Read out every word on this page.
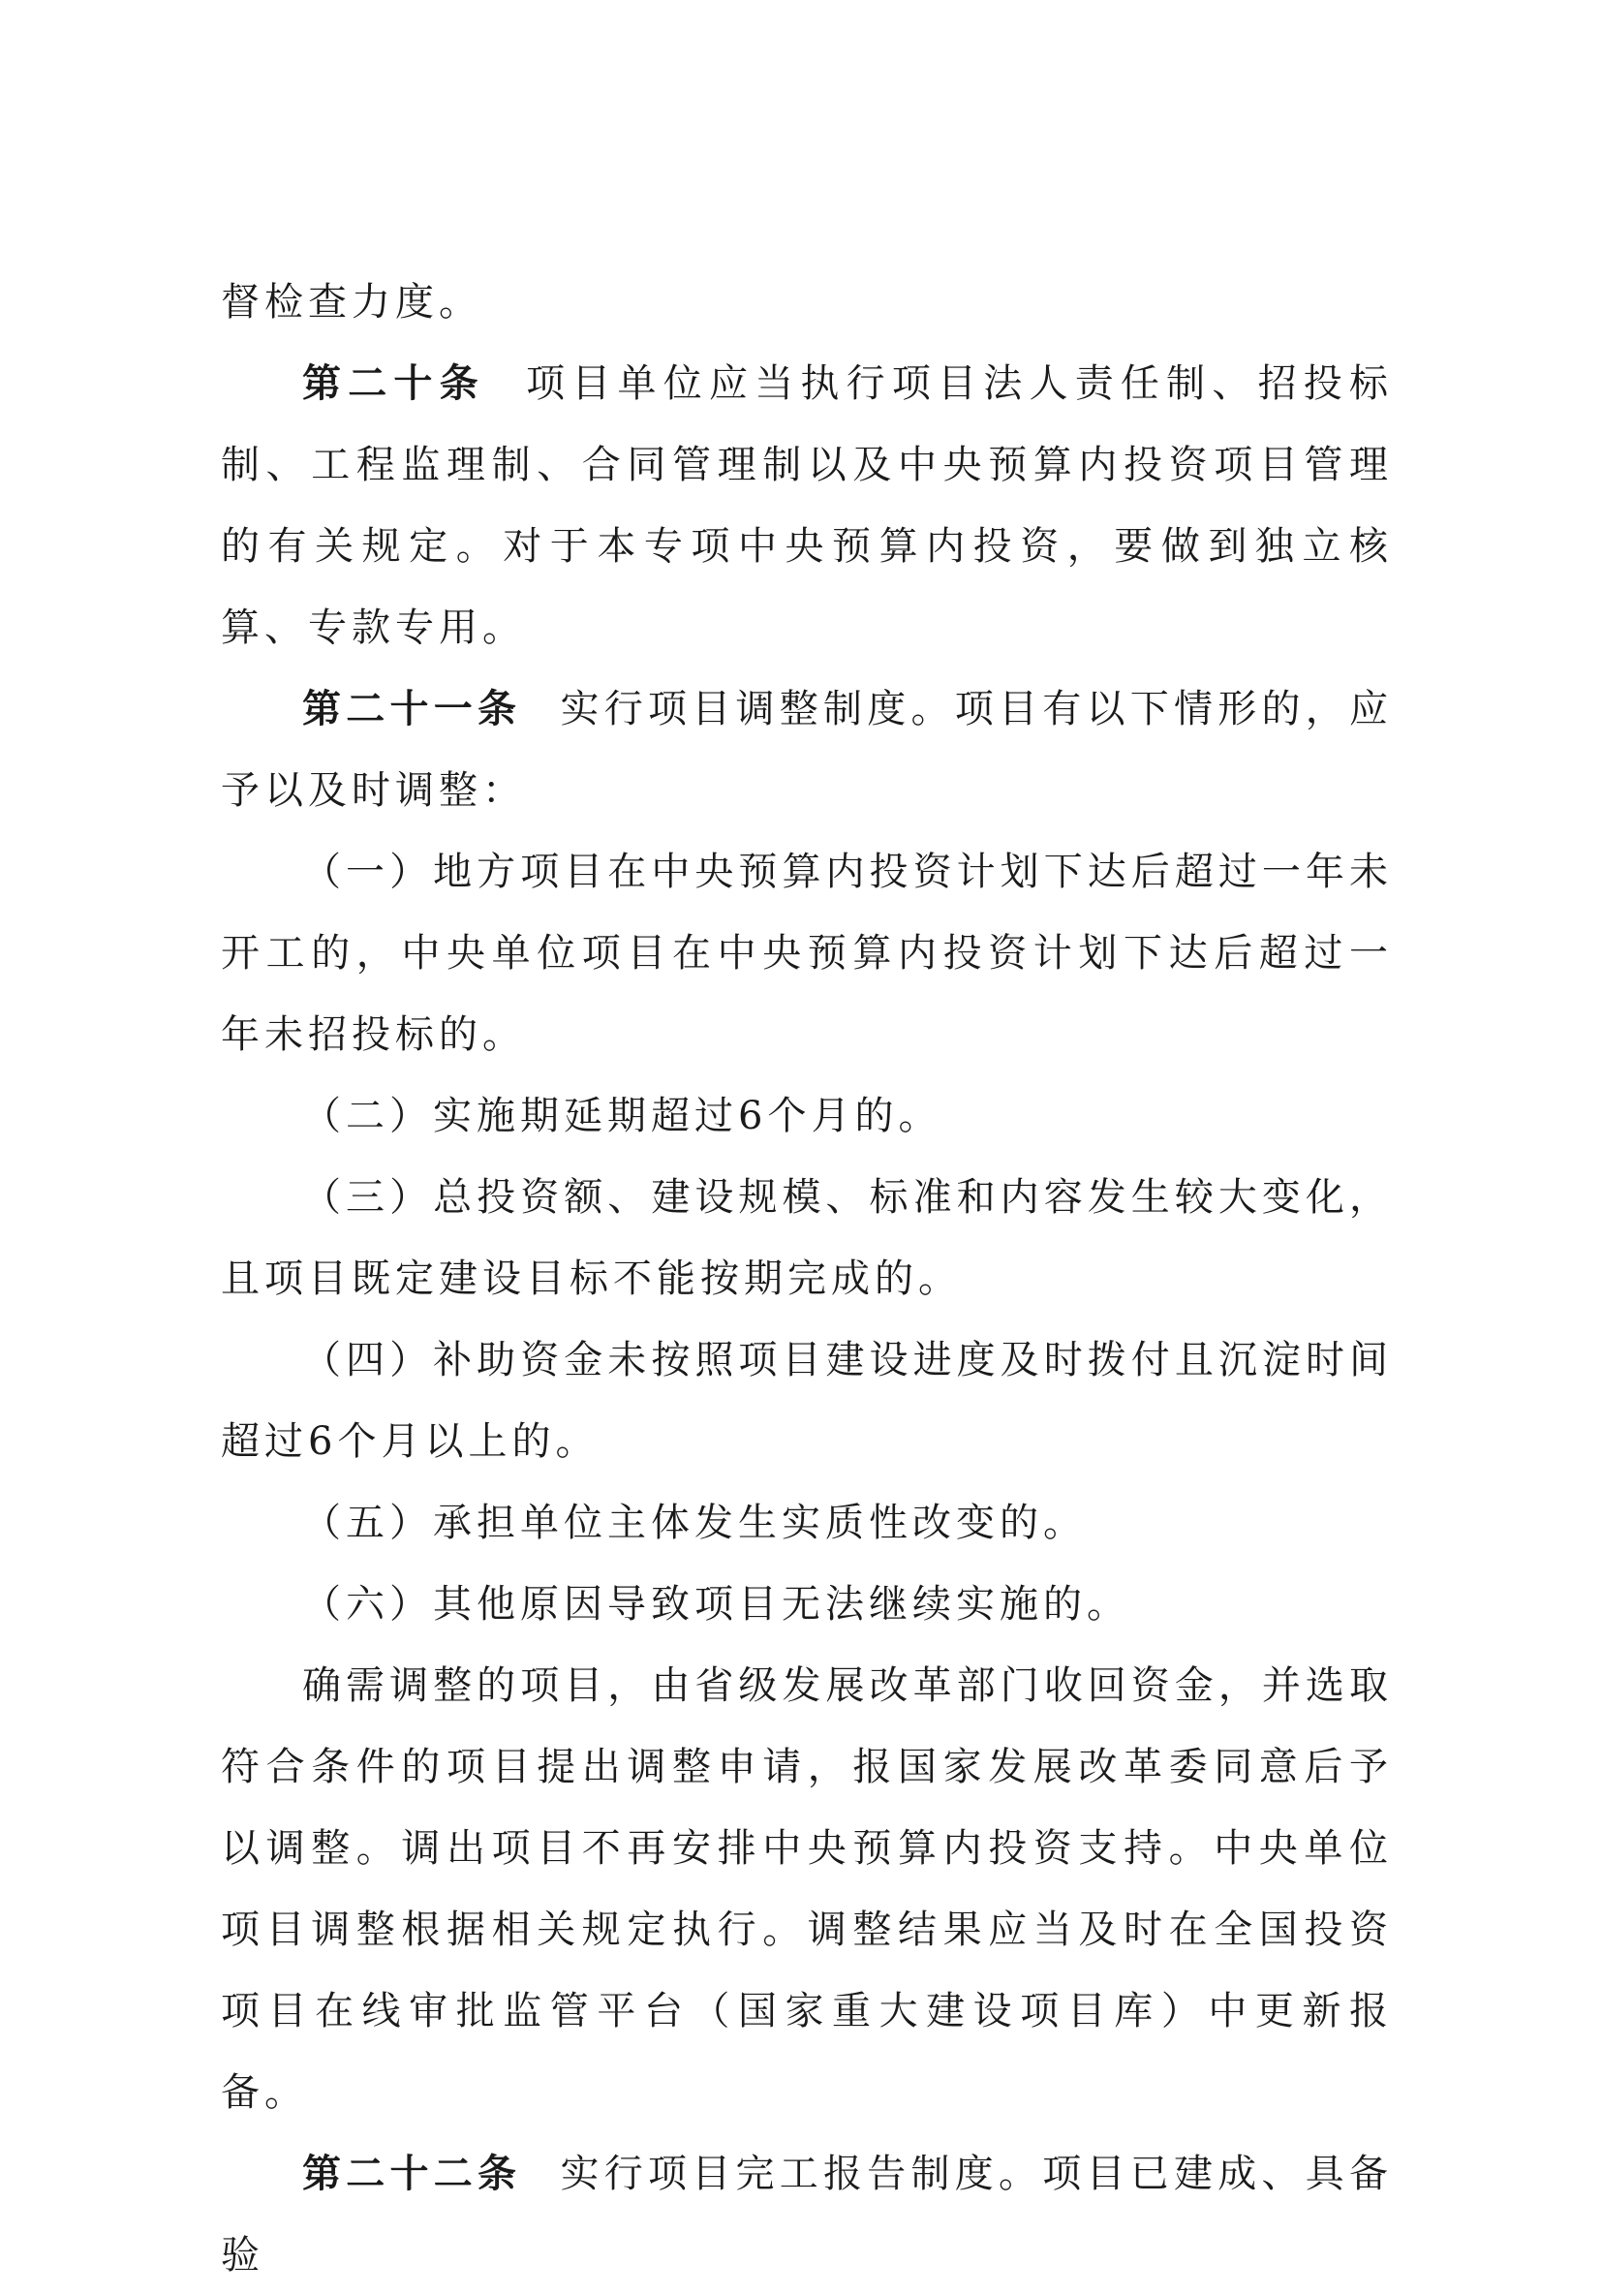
督检查力度。

第二十条 项目单位应当执行项目法人责任制、招投标制、工程监理制、合同管理制以及中央预算内投资项目管理的有关规定。对于本专项中央预算内投资，要做到独立核算、专款专用。

第二十一条 实行项目调整制度。项目有以下情形的，应予以及时调整：

（一）地方项目在中央预算内投资计划下达后超过一年未开工的，中央单位项目在中央预算内投资计划下达后超过一年未招投标的。

（二）实施期延期超过6个月的。

（三）总投资额、建设规模、标准和内容发生较大变化，且项目既定建设目标不能按期完成的。

（四）补助资金未按照项目建设进度及时拨付且沉淀时间超过6个月以上的。

（五）承担单位主体发生实质性改变的。

（六）其他原因导致项目无法继续实施的。

确需调整的项目，由省级发展改革部门收回资金，并选取符合条件的项目提出调整申请，报国家发展改革委同意后予以调整。调出项目不再安排中央预算内投资支持。中央单位项目调整根据相关规定执行。调整结果应当及时在全国投资项目在线审批监管平台（国家重大建设项目库）中更新报备。

第二十二条 实行项目完工报告制度。项目已建成、具备验
